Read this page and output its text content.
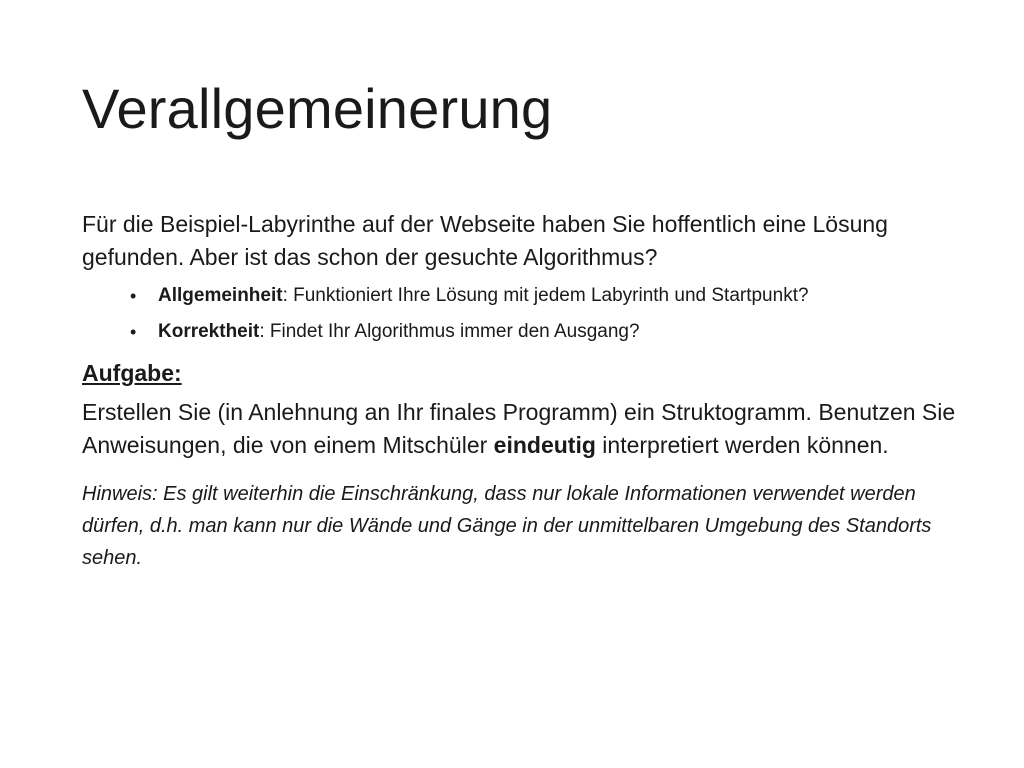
Verallgemeinerung

Für die Beispiel-Labyrinthe auf der Webseite haben Sie hoffentlich eine Lösung gefunden. Aber ist das schon der gesuchte Algorithmus?

• Allgemeinheit: Funktioniert Ihre Lösung mit jedem Labyrinth und Startpunkt?
• Korrektheit: Findet Ihr Algorithmus immer den Ausgang?
Aufgabe:

Erstellen Sie (in Anlehnung an Ihr finales Programm) ein Struktogramm. Benutzen Sie Anweisungen, die von einem Mitschüler eindeutig interpretiert werden können.

Hinweis: Es gilt weiterhin die Einschränkung, dass nur lokale Informationen verwendet werden dürfen, d.h. man kann nur die Wände und Gänge in der unmittelbaren Umgebung des Standorts sehen.
